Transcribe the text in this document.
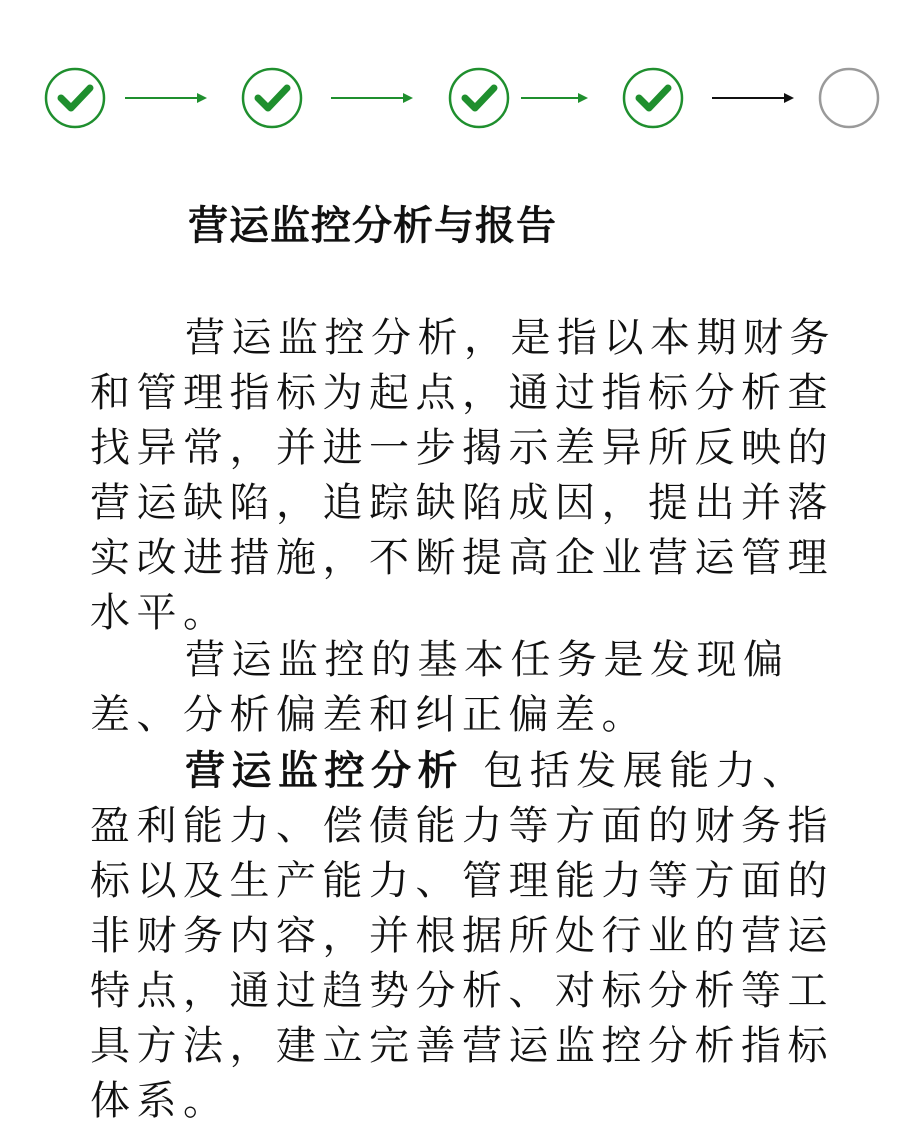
营运监控分析与报告

营运监控分析，是指以本期财务和管理指标为起点，通过指标分析查找异常，并进一步揭示差异所反映的营运缺陷，追踪缺陷成因，提出并落实改进措施，不断提高企业营运管理水平。

营运监控的基本任务是发现偏差、分析偏差和纠正偏差。

营运监控分析 包括发展能力、盈利能力、偿债能力等方面的财务指标以及生产能力、管理能力等方面的非财务内容，并根据所处行业的营运特点，通过趋势分析、对标分析等工具方法，建立完善营运监控分析指标体系。
